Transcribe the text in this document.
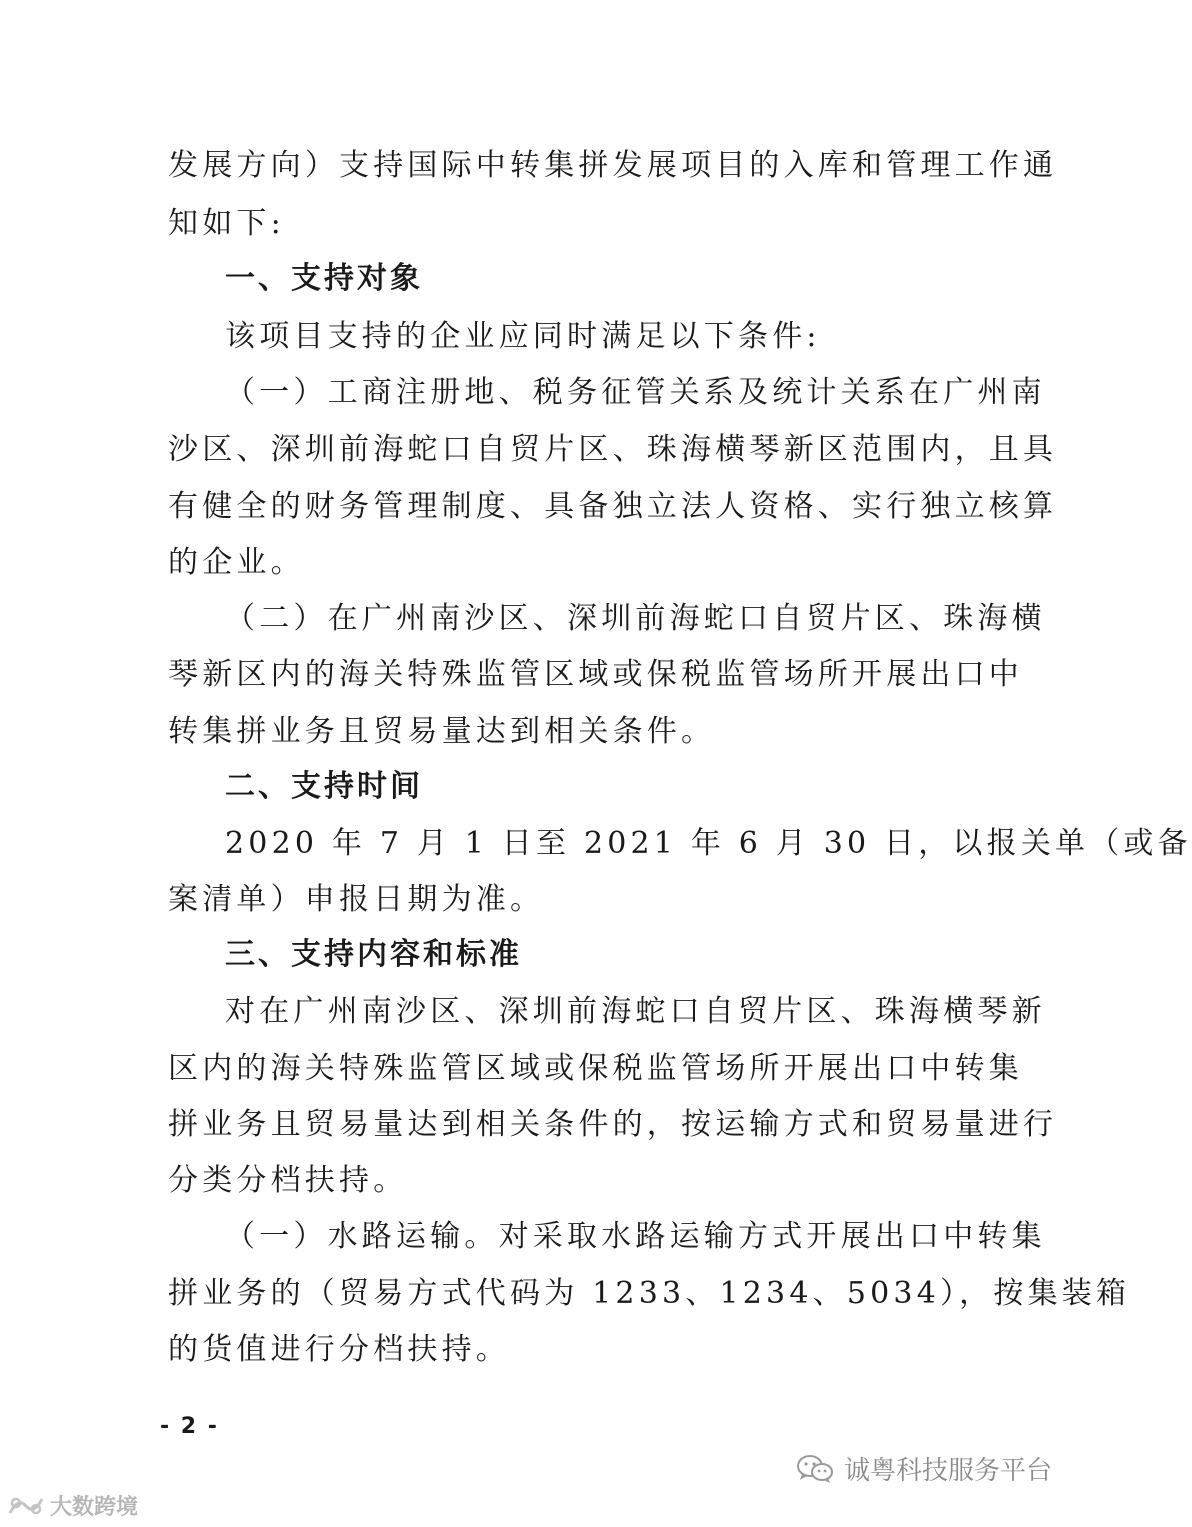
发展方向）支持国际中转集拼发展项目的入库和管理工作通
知如下:
一、支持对象
该项目支持的企业应同时满足以下条件:
（一）工商注册地、税务征管关系及统计关系在广州南
沙区、深圳前海蛇口自贸片区、珠海横琴新区范围内，且具
有健全的财务管理制度、具备独立法人资格、实行独立核算
的企业。
（二）在广州南沙区、深圳前海蛇口自贸片区、珠海横
琴新区内的海关特殊监管区域或保税监管场所开展出口中
转集拼业务且贸易量达到相关条件。
二、支持时间
2020 年 7 月 1 日至 2021 年 6 月 30 日，以报关单（或备
案清单）申报日期为准。
三、支持内容和标准
对在广州南沙区、深圳前海蛇口自贸片区、珠海横琴新
区内的海关特殊监管区域或保税监管场所开展出口中转集
拼业务且贸易量达到相关条件的，按运输方式和贸易量进行
分类分档扶持。
（一）水路运输。对采取水路运输方式开展出口中转集
拼业务的（贸易方式代码为 1233、1234、5034），按集装箱
的货值进行分档扶持。
- 2 -
诚粤科技服务平台
大数跨境
